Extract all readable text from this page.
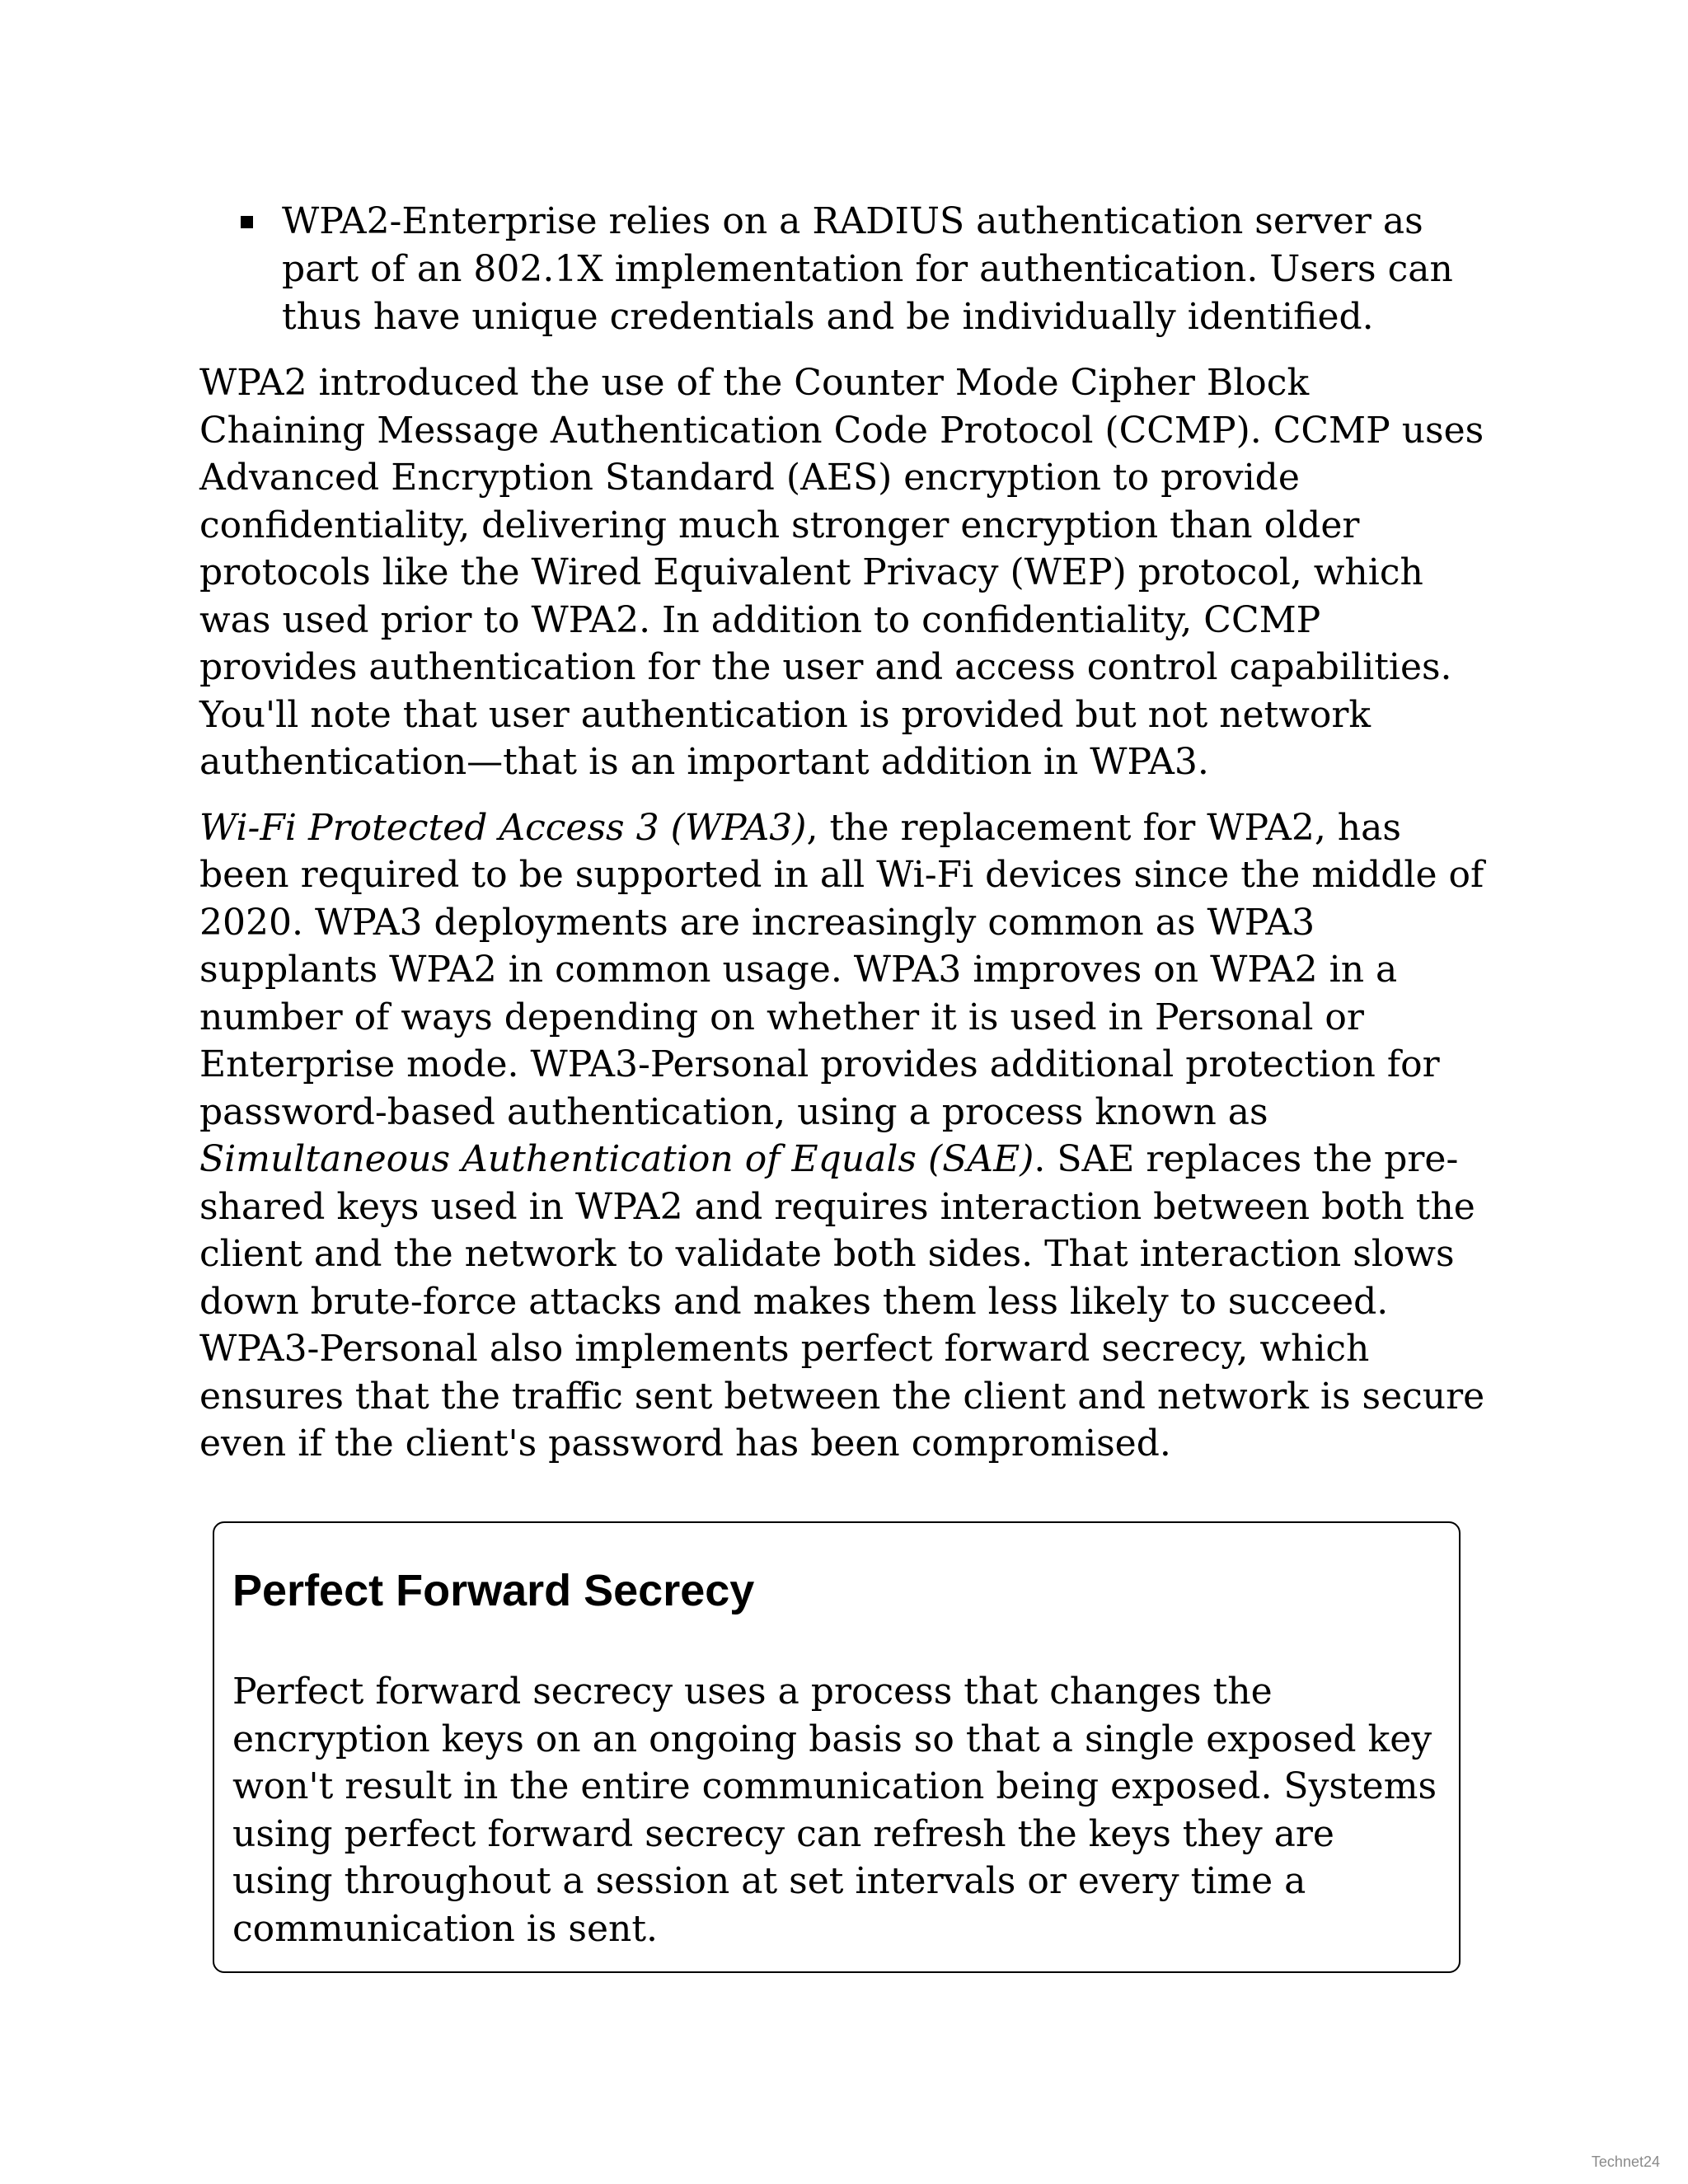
WPA2-Enterprise relies on a RADIUS authentication server as part of an 802.1X implementation for authentication. Users can thus have unique credentials and be individually identified.

WPA2 introduced the use of the Counter Mode Cipher Block Chaining Message Authentication Code Protocol (CCMP). CCMP uses Advanced Encryption Standard (AES) encryption to provide confidentiality, delivering much stronger encryption than older protocols like the Wired Equivalent Privacy (WEP) protocol, which was used prior to WPA2. In addition to confidentiality, CCMP provides authentication for the user and access control capabilities. You'll note that user authentication is provided but not network authentication—that is an important addition in WPA3.

Wi-Fi Protected Access 3 (WPA3), the replacement for WPA2, has been required to be supported in all Wi-Fi devices since the middle of 2020. WPA3 deployments are increasingly common as WPA3 supplants WPA2 in common usage. WPA3 improves on WPA2 in a number of ways depending on whether it is used in Personal or Enterprise mode. WPA3-Personal provides additional protection for password-based authentication, using a process known as Simultaneous Authentication of Equals (SAE). SAE replaces the pre-shared keys used in WPA2 and requires interaction between both the client and the network to validate both sides. That interaction slows down brute-force attacks and makes them less likely to succeed. WPA3-Personal also implements perfect forward secrecy, which ensures that the traffic sent between the client and network is secure even if the client's password has been compromised.

Perfect Forward Secrecy

Perfect forward secrecy uses a process that changes the encryption keys on an ongoing basis so that a single exposed key won't result in the entire communication being exposed. Systems using perfect forward secrecy can refresh the keys they are using throughout a session at set intervals or every time a communication is sent.

Technet24
